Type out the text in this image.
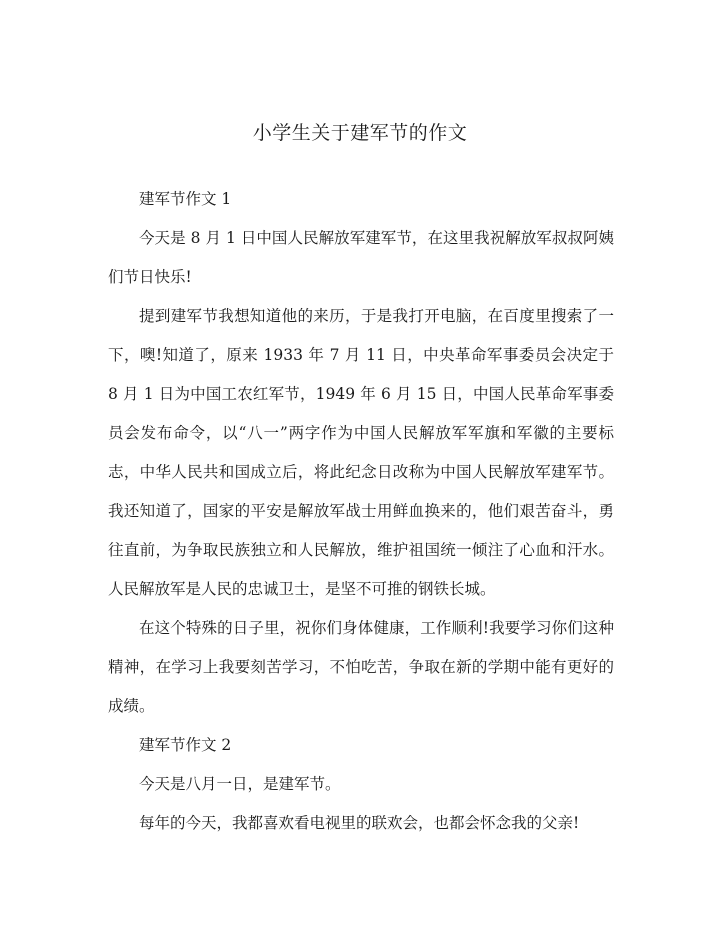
小学生关于建军节的作文

建军节作文 1

今天是 8 月 1 日中国人民解放军建军节，在这里我祝解放军叔叔阿姨们节日快乐!

提到建军节我想知道他的来历，于是我打开电脑，在百度里搜索了一下，噢!知道了，原来 1933 年 7 月 11 日，中央革命军事委员会决定于 8 月 1 日为中国工农红军节，1949 年 6 月 15 日，中国人民革命军事委员会发布命令，以“八一”两字作为中国人民解放军军旗和军徽的主要标志，中华人民共和国成立后，将此纪念日改称为中国人民解放军建军节。我还知道了，国家的平安是解放军战士用鲜血换来的，他们艰苦奋斗，勇往直前，为争取民族独立和人民解放，维护祖国统一倾注了心血和汗水。人民解放军是人民的忠诚卫士，是坚不可推的钢铁长城。

在这个特殊的日子里，祝你们身体健康，工作顺利!我要学习你们这种精神，在学习上我要刻苦学习，不怕吃苦，争取在新的学期中能有更好的成绩。

建军节作文 2

今天是八月一日，是建军节。

每年的今天，我都喜欢看电视里的联欢会，也都会怀念我的父亲!
